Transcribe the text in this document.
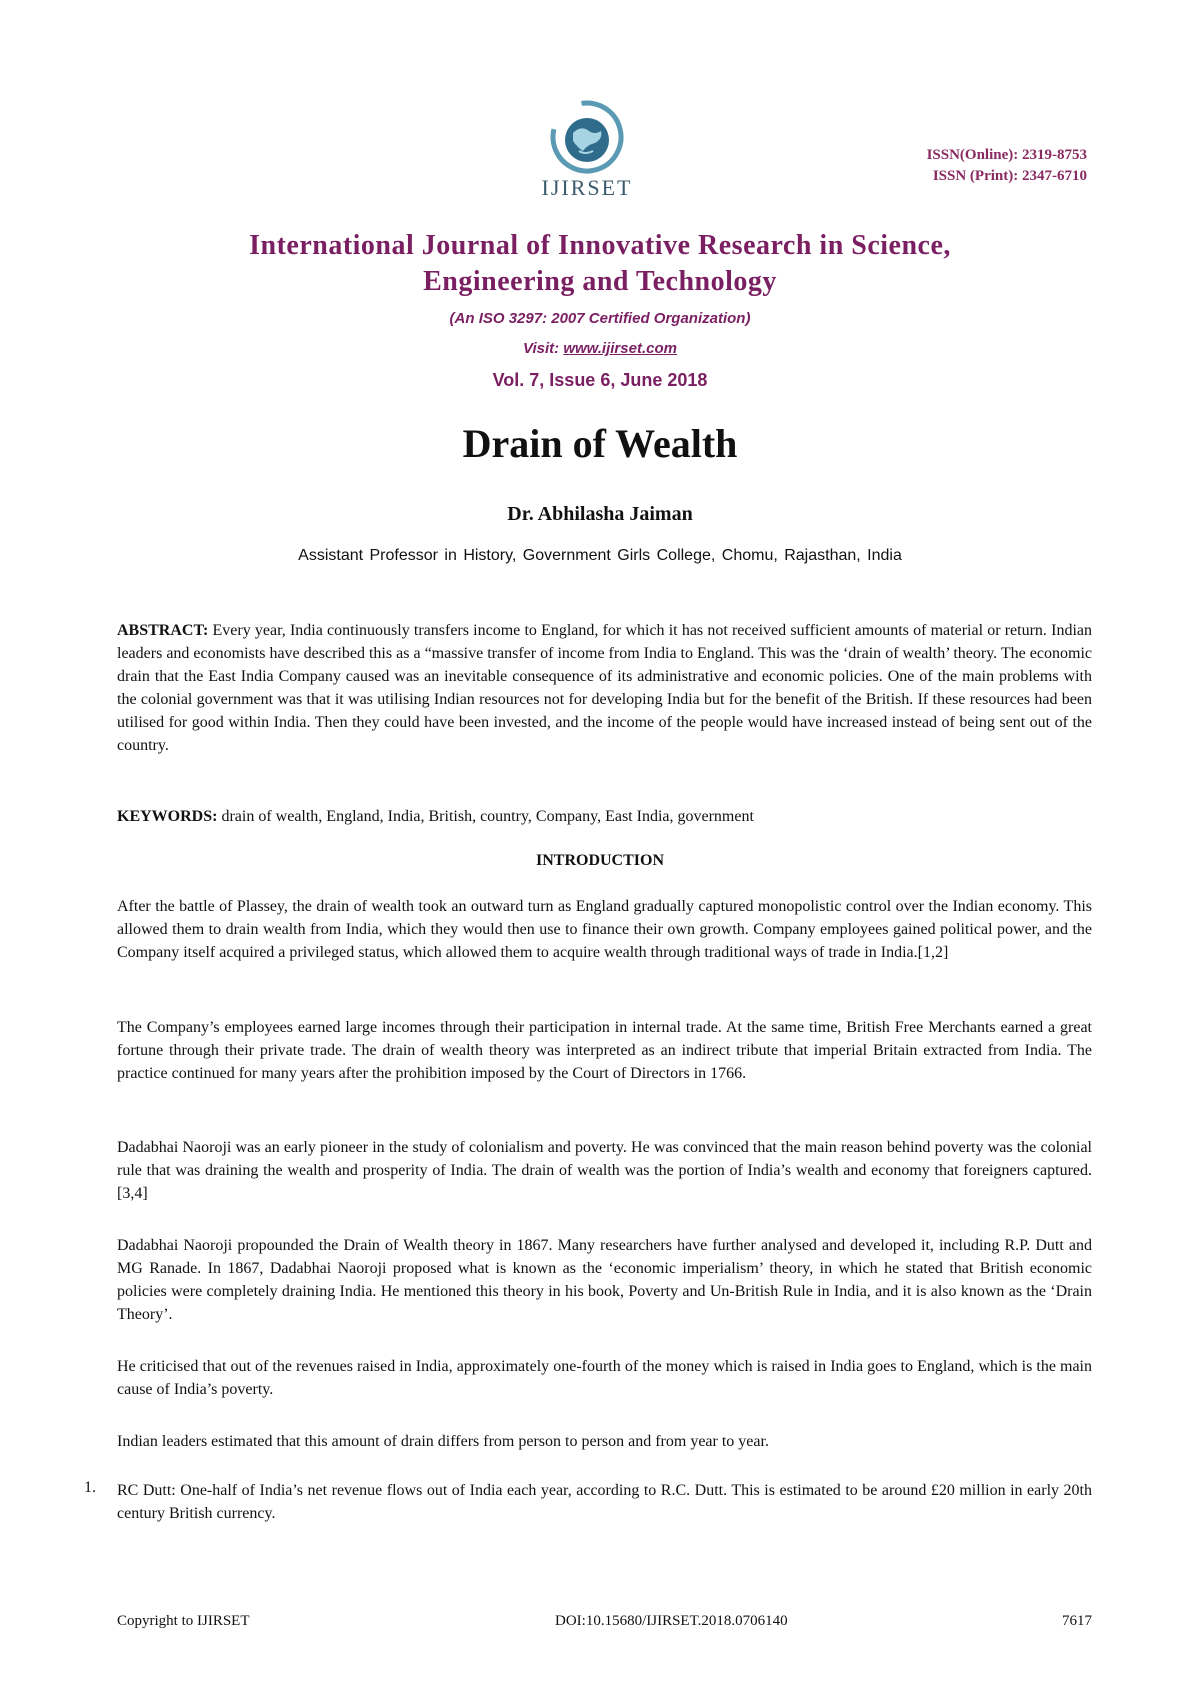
IJIRSET
ISSN(Online): 2319-8753
ISSN (Print): 2347-6710
International Journal of Innovative Research in Science,
Engineering and Technology
(An ISO 3297: 2007 Certified Organization)
Visit: www.ijirset.com
Vol. 7, Issue 6, June 2018
Drain of Wealth
Dr. Abhilasha Jaiman
Assistant Professor in History, Government Girls College, Chomu, Rajasthan, India

ABSTRACT: Every year, India continuously transfers income to England, for which it has not received sufficient amounts of material or return. Indian leaders and economists have described this as a “massive transfer of income from India to England. This was the ‘drain of wealth’ theory. The economic drain that the East India Company caused was an inevitable consequence of its administrative and economic policies. One of the main problems with the colonial government was that it was utilising Indian resources not for developing India but for the benefit of the British. If these resources had been utilised for good within India. Then they could have been invested, and the income of the people would have increased instead of being sent out of the country.

KEYWORDS: drain of wealth, England, India, British, country, Company, East India, government

INTRODUCTION

After the battle of Plassey, the drain of wealth took an outward turn as England gradually captured monopolistic control over the Indian economy. This allowed them to drain wealth from India, which they would then use to finance their own growth. Company employees gained political power, and the Company itself acquired a privileged status, which allowed them to acquire wealth through traditional ways of trade in India.[1,2]

The Company’s employees earned large incomes through their participation in internal trade. At the same time, British Free Merchants earned a great fortune through their private trade. The drain of wealth theory was interpreted as an indirect tribute that imperial Britain extracted from India. The practice continued for many years after the prohibition imposed by the Court of Directors in 1766.

Dadabhai Naoroji was an early pioneer in the study of colonialism and poverty. He was convinced that the main reason behind poverty was the colonial rule that was draining the wealth and prosperity of India. The drain of wealth was the portion of India’s wealth and economy that foreigners captured.[3,4]

Dadabhai Naoroji propounded the Drain of Wealth theory in 1867. Many researchers have further analysed and developed it, including R.P. Dutt and MG Ranade. In 1867, Dadabhai Naoroji proposed what is known as the ‘economic imperialism’ theory, in which he stated that British economic policies were completely draining India. He mentioned this theory in his book, Poverty and Un-British Rule in India, and it is also known as the ‘Drain Theory’.

He criticised that out of the revenues raised in India, approximately one-fourth of the money which is raised in India goes to England, which is the main cause of India’s poverty.

Indian leaders estimated that this amount of drain differs from person to person and from year to year.

1. RC Dutt: One-half of India’s net revenue flows out of India each year, according to R.C. Dutt. This is estimated to be around £20 million in early 20th century British currency.

Copyright to IJIRSET	DOI:10.15680/IJIRSET.2018.0706140	7617
